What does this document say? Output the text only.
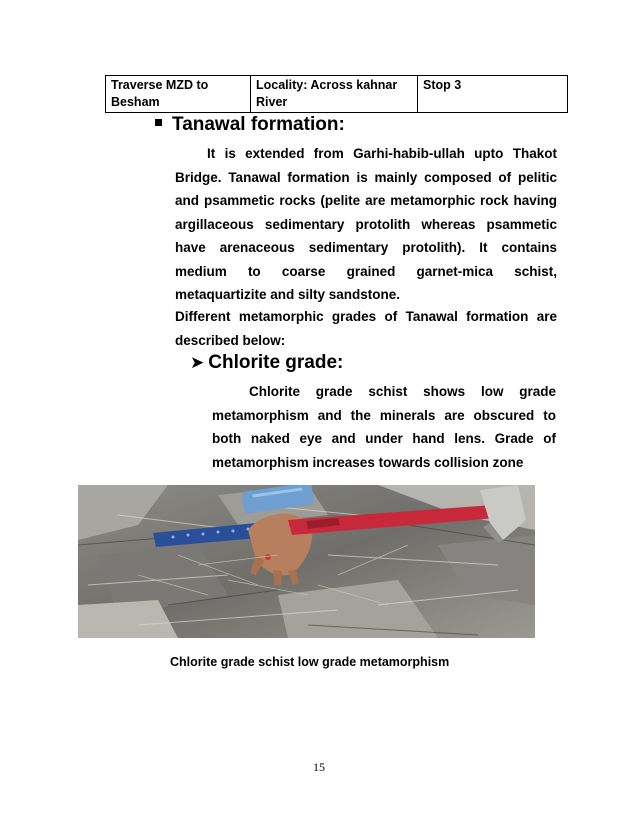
Traverse MZD to Besham	Locality: Across kahnar River	Stop 3
Tanawal formation:
It is extended from Garhi-habib-ullah upto Thakot Bridge. Tanawal formation is mainly composed of pelitic and psammetic rocks (pelite are metamorphic rock having argillaceous sedimentary protolith whereas psammetic have arenaceous sedimentary protolith). It contains medium to coarse grained garnet-mica schist, metaquartizite and silty sandstone.
Different metamorphic grades of Tanawal formation are described below:
➤ Chlorite grade:
Chlorite grade schist shows low grade metamorphism and the minerals are obscured to both naked eye and under hand lens. Grade of metamorphism increases towards collision zone
Chlorite grade schist low grade metamorphism
15
